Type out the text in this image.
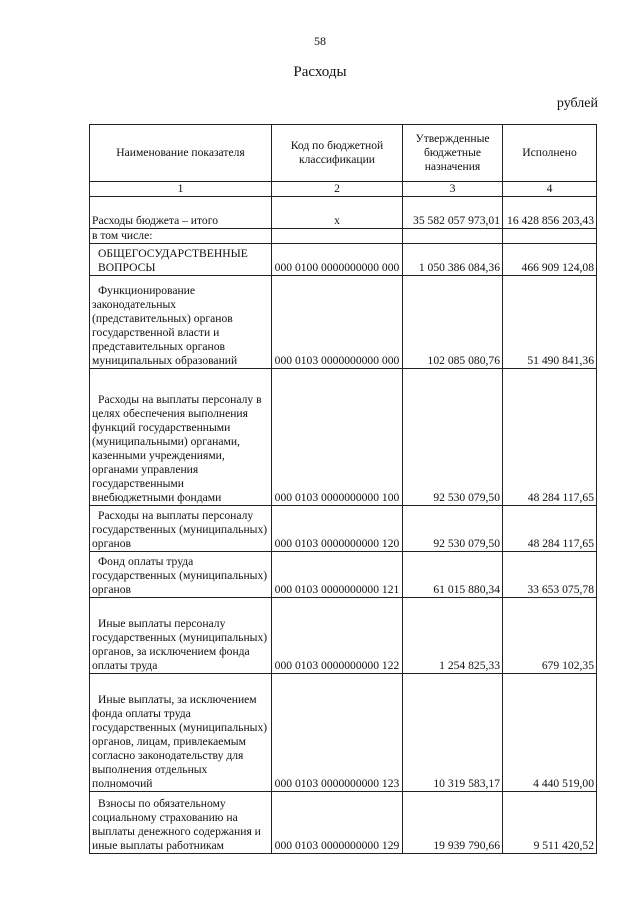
58
Расходы
рублей
Наименование показателя	Код по бюджетной классификации	Утвержденные бюджетные назначения	Исполнено
1	2	3	4
Расходы бюджета – итого	x	35 582 057 973,01	16 428 856 203,43
в том числе:			
ОБЩЕГОСУДАРСТВЕННЫЕ ВОПРОСЫ	000 0100 0000000000 000	1 050 386 084,36	466 909 124,08
Функционирование законодательных (представительных) органов государственной власти и представительных органов муниципальных образований	000 0103 0000000000 000	102 085 080,76	51 490 841,36
Расходы на выплаты персоналу в целях обеспечения выполнения функций государственными (муниципальными) органами, казенными учреждениями, органами управления государственными внебюджетными фондами	000 0103 0000000000 100	92 530 079,50	48 284 117,65
Расходы на выплаты персоналу государственных (муниципальных) органов	000 0103 0000000000 120	92 530 079,50	48 284 117,65
Фонд оплаты труда государственных (муниципальных) органов	000 0103 0000000000 121	61 015 880,34	33 653 075,78
Иные выплаты персоналу государственных (муниципальных) органов, за исключением фонда оплаты труда	000 0103 0000000000 122	1 254 825,33	679 102,35
Иные выплаты, за исключением фонда оплаты труда государственных (муниципальных) органов, лицам, привлекаемым согласно законодательству для выполнения отдельных полномочий	000 0103 0000000000 123	10 319 583,17	4 440 519,00
Взносы по обязательному социальному страхованию на выплаты денежного содержания и иные выплаты работникам	000 0103 0000000000 129	19 939 790,66	9 511 420,52
